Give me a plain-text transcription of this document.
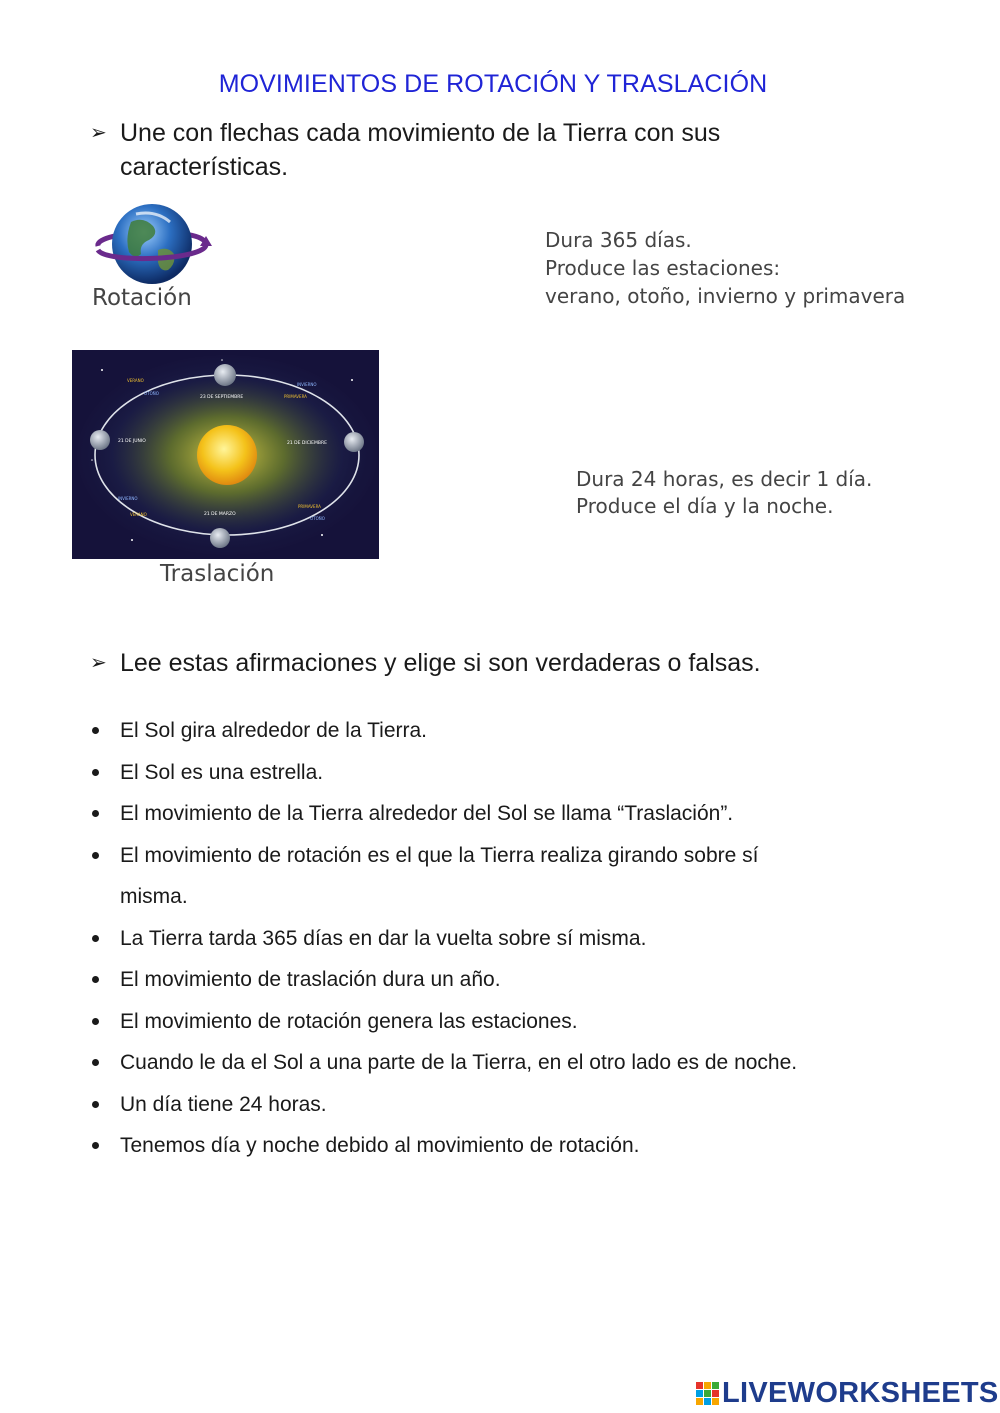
MOVIMIENTOS DE ROTACIÓN Y TRASLACIÓN
➢ Une con flechas cada movimiento de la Tierra con sus características.
Rotación
Dura 365 días.
Produce las estaciones:
verano, otoño, invierno y primavera
23 DE SEPTIEMBRE
21 DE JUNIO	21 DE DICIEMBRE
21 DE MARZO
VERANO
OTOÑO
INVIERNO
PRIMAVERA
INVIERNO
VERANO
PRIMAVERA
OTOÑO
Traslación
Dura 24 horas, es decir 1 día.
Produce el día y la noche.
➢ Lee estas afirmaciones y elige si son verdaderas o falsas.
El Sol gira alrededor de la Tierra.
El Sol es una estrella.
El movimiento de la Tierra alrededor del Sol se llama “Traslación”.
El movimiento de rotación es el que la Tierra realiza girando sobre sí misma.
La Tierra tarda 365 días en dar la vuelta sobre sí misma.
El movimiento de traslación dura un año.
El movimiento de rotación genera las estaciones.
Cuando le da el Sol a una parte de la Tierra, en el otro lado es de noche.
Un día tiene 24 horas.
Tenemos día y noche debido al movimiento de rotación.
LIVEWORKSHEETS
